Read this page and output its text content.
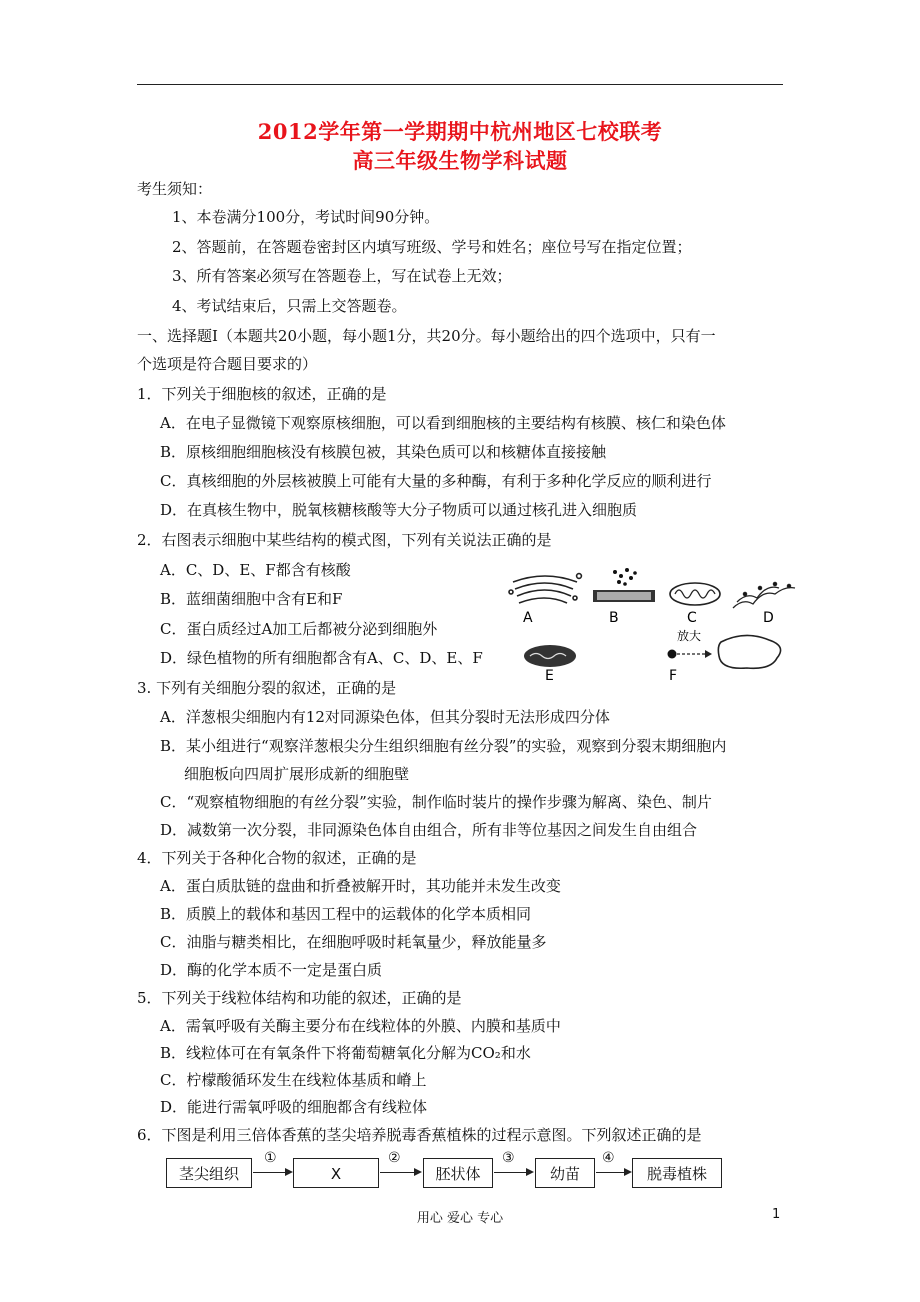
2012学年第一学期期中杭州地区七校联考
高三年级生物学科试题
考生须知：
1、本卷满分100分，考试时间90分钟。
2、答题前，在答题卷密封区内填写班级、学号和姓名；座位号写在指定位置；
3、所有答案必须写在答题卷上，写在试卷上无效；
4、考试结束后，只需上交答题卷。
一、选择题Ⅰ（本题共20小题，每小题1分，共20分。每小题给出的四个选项中，只有一
个选项是符合题目要求的）
1．下列关于细胞核的叙述，正确的是
A．在电子显微镜下观察原核细胞，可以看到细胞核的主要结构有核膜、核仁和染色体
B．原核细胞细胞核没有核膜包被，其染色质可以和核糖体直接接触
C．真核细胞的外层核被膜上可能有大量的多种酶，有利于多种化学反应的顺利进行
D．在真核生物中，脱氧核糖核酸等大分子物质可以通过核孔进入细胞质
2．右图表示细胞中某些结构的模式图，下列有关说法正确的是
A．C、D、E、F都含有核酸
B．蓝细菌细胞中含有E和F
C．蛋白质经过A加工后都被分泌到细胞外
D．绿色植物的所有细胞都含有A、C、D、E、F
A	B	C	D
E	F
放大
3. 下列有关细胞分裂的叙述，正确的是
A．洋葱根尖细胞内有12对同源染色体，但其分裂时无法形成四分体
B．某小组进行“观察洋葱根尖分生组织细胞有丝分裂”的实验，观察到分裂末期细胞内
细胞板向四周扩展形成新的细胞壁
C．“观察植物细胞的有丝分裂”实验，制作临时装片的操作步骤为解离、染色、制片
D．减数第一次分裂，非同源染色体自由组合，所有非等位基因之间发生自由组合
4．下列关于各种化合物的叙述，正确的是
A．蛋白质肽链的盘曲和折叠被解开时，其功能并未发生改变
B．质膜上的载体和基因工程中的运载体的化学本质相同
C．油脂与糖类相比，在细胞呼吸时耗氧量少，释放能量多
D．酶的化学本质不一定是蛋白质
5．下列关于线粒体结构和功能的叙述，正确的是
A．需氧呼吸有关酶主要分布在线粒体的外膜、内膜和基质中
B．线粒体可在有氧条件下将葡萄糖氧化分解为CO₂和水
C．柠檬酸循环发生在线粒体基质和嵴上
D．能进行需氧呼吸的细胞都含有线粒体
6．下图是利用三倍体香蕉的茎尖培养脱毒香蕉植株的过程示意图。下列叙述正确的是
茎尖组织
①
X
②
胚状体
③
幼苗
④
脱毒植株
用心 爱心 专心	1
